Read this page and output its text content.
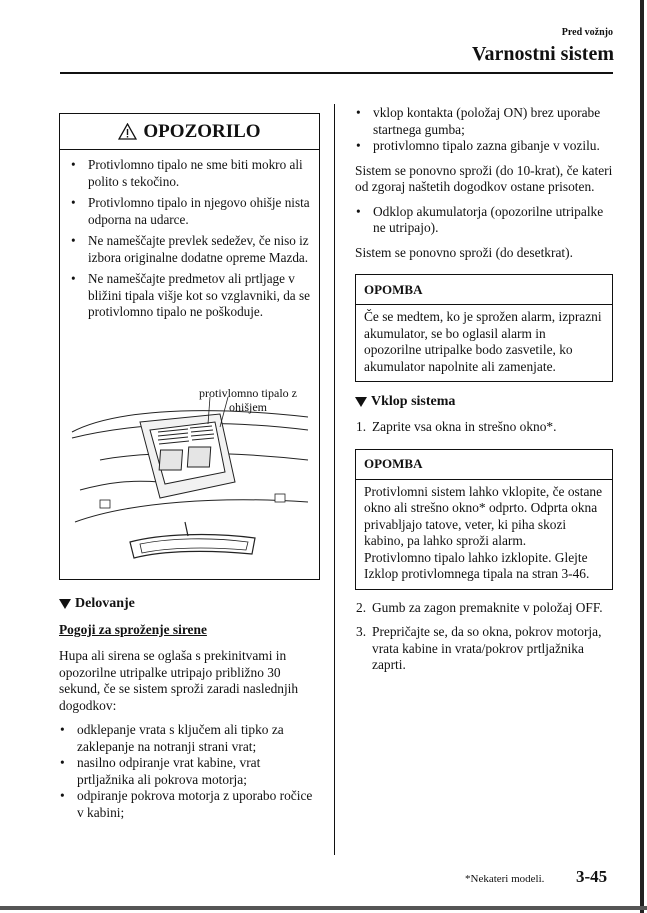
Pred vožnjo
Varnostni sistem
OPOZORILO
• Protivlomno tipalo ne sme biti mokro ali polito s tekočino.
• Protivlomno tipalo in njegovo ohišje nista odporna na udarce.
• Ne nameščajte prevlek sedežev, če niso iz izbora originalne dodatne opreme Mazda.
• Ne nameščajte predmetov ali prtljage v bližini tipala višje kot so vzglavniki, da se protivlomno tipalo ne poškoduje.
protivlomno tipalo z ohišjem
Delovanje
Pogoji za sproženje sirene

Hupa ali sirena se oglaša s prekinitvami in opozorilne utripalke utripajo približno 30 sekund, če se sistem sproži zaradi naslednjih dogodkov:

• odklepanje vrata s ključem ali tipko za zaklepanje na notranji strani vrat;
• nasilno odpiranje vrat kabine, vrat prtljažnika ali pokrova motorja;
• odpiranje pokrova motorja z uporabo ročice v kabini;
• vklop kontakta (položaj ON) brez uporabe startnega gumba;
• protivlomno tipalo zazna gibanje v vozilu.

Sistem se ponovno sproži (do 10-krat), če kateri od zgoraj naštetih dogodkov ostane prisoten.

• Odklop akumulatorja (opozorilne utripalke ne utripajo).

Sistem se ponovno sproži (do desetkrat).

OPOMBA
Če se medtem, ko je sprožen alarm, izprazni akumulator, se bo oglasil alarm in opozorilne utripalke bodo zasvetile, ko akumulator napolnite ali zamenjate.
Vklop sistema
1. Zaprite vsa okna in strešno okno*.
OPOMBA
Protivlomni sistem lahko vklopite, če ostane okno ali strešno okno* odprto. Odprta okna privabljajo tatove, veter, ki piha skozi kabino, pa lahko sproži alarm.
Protivlomno tipalo lahko izklopite. Glejte Izklop protivlomnega tipala na stran 3-46.
2. Gumb za zagon premaknite v položaj OFF.
3. Prepričajte se, da so okna, pokrov motorja, vrata kabine in vrata/pokrov prtljažnika zaprti.
*Nekateri modeli. 3-45
